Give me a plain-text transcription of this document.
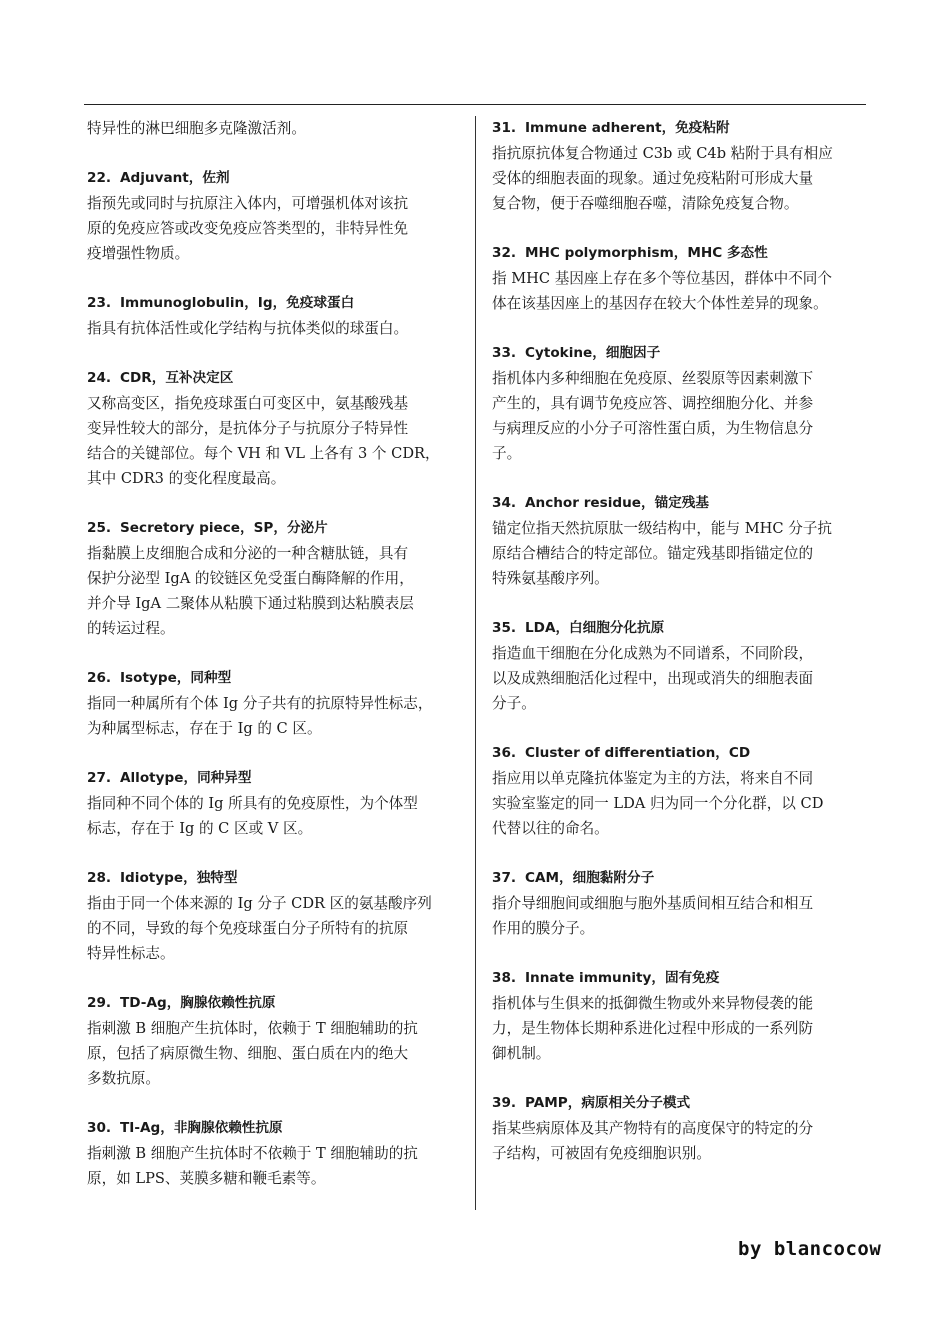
特异性的淋巴细胞多克隆激活剂。

22. Adjuvant，佐剂
指预先或同时与抗原注入体内，可增强机体对该抗
原的免疫应答或改变免疫应答类型的，非特异性免
疫增强性物质。
23. Immunoglobulin，Ig，免疫球蛋白
指具有抗体活性或化学结构与抗体类似的球蛋白。
24. CDR，互补决定区
又称高变区，指免疫球蛋白可变区中，氨基酸残基
变异性较大的部分，是抗体分子与抗原分子特异性
结合的关键部位。每个 VH 和 VL 上各有 3 个 CDR，
其中 CDR3 的变化程度最高。
25. Secretory piece，SP，分泌片
指黏膜上皮细胞合成和分泌的一种含糖肽链，具有
保护分泌型 IgA 的铰链区免受蛋白酶降解的作用，
并介导 IgA 二聚体从粘膜下通过粘膜到达粘膜表层
的转运过程。
26. Isotype，同种型
指同一种属所有个体 Ig 分子共有的抗原特异性标志，
为种属型标志，存在于 Ig 的 C 区。
27. Allotype，同种异型
指同种不同个体的 Ig 所具有的免疫原性，为个体型
标志，存在于 Ig 的 C 区或 V 区。
28. Idiotype，独特型
指由于同一个体来源的 Ig 分子 CDR 区的氨基酸序列
的不同，导致的每个免疫球蛋白分子所特有的抗原
特异性标志。
29. TD-Ag，胸腺依赖性抗原
指刺激 B 细胞产生抗体时，依赖于 T 细胞辅助的抗
原，包括了病原微生物、细胞、蛋白质在内的绝大
多数抗原。
30. TI-Ag，非胸腺依赖性抗原
指刺激 B 细胞产生抗体时不依赖于 T 细胞辅助的抗
原，如 LPS、荚膜多糖和鞭毛素等。
31. Immune adherent，免疫粘附
指抗原抗体复合物通过 C3b 或 C4b 粘附于具有相应
受体的细胞表面的现象。通过免疫粘附可形成大量
复合物，便于吞噬细胞吞噬，清除免疫复合物。
32. MHC polymorphism，MHC 多态性
指 MHC 基因座上存在多个等位基因，群体中不同个
体在该基因座上的基因存在较大个体性差异的现象。
33. Cytokine，细胞因子
指机体内多种细胞在免疫原、丝裂原等因素刺激下
产生的，具有调节免疫应答、调控细胞分化、并参
与病理反应的小分子可溶性蛋白质，为生物信息分
子。
34. Anchor residue，锚定残基
锚定位指天然抗原肽一级结构中，能与 MHC 分子抗
原结合槽结合的特定部位。锚定残基即指锚定位的
特殊氨基酸序列。
35. LDA，白细胞分化抗原
指造血干细胞在分化成熟为不同谱系，不同阶段，
以及成熟细胞活化过程中，出现或消失的细胞表面
分子。
36. Cluster of differentiation，CD
指应用以单克隆抗体鉴定为主的方法，将来自不同
实验室鉴定的同一 LDA 归为同一个分化群，以 CD
代替以往的命名。
37. CAM，细胞黏附分子
指介导细胞间或细胞与胞外基质间相互结合和相互
作用的膜分子。
38. Innate immunity，固有免疫
指机体与生俱来的抵御微生物或外来异物侵袭的能
力，是生物体长期种系进化过程中形成的一系列防
御机制。
39. PAMP，病原相关分子模式
指某些病原体及其产物特有的高度保守的特定的分
子结构，可被固有免疫细胞识别。
by blancocow
